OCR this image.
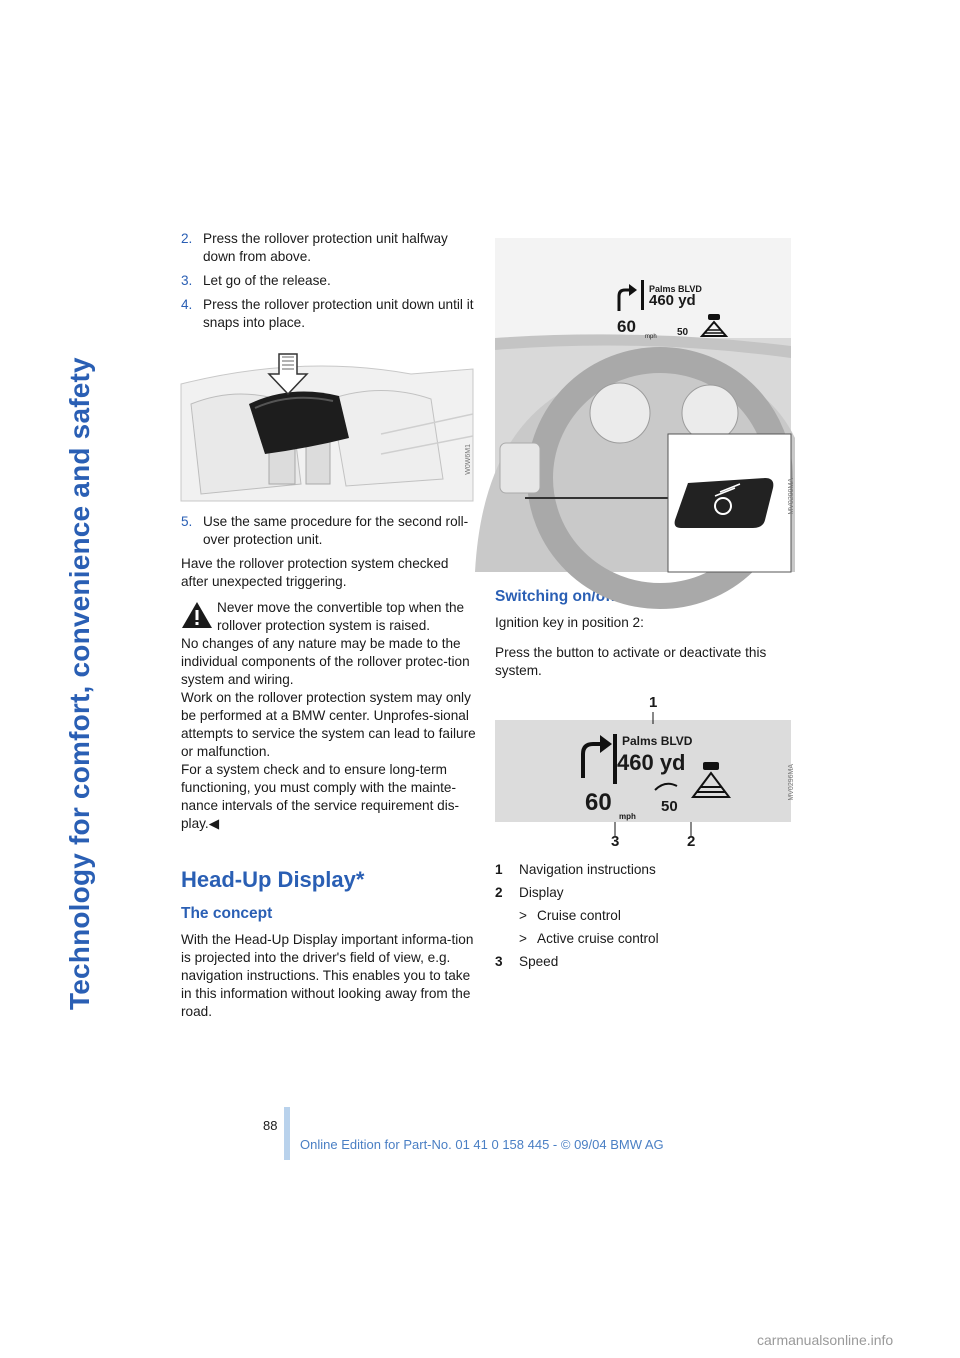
Technology for comfort, convenience and safety
2. Press the rollover protection unit halfway down from above.
3. Let go of the release.
4. Press the rollover protection unit down until it snaps into place.
W0W6M1
5. Use the same procedure for the second roll-over protection unit.

Have the rollover protection system checked after unexpected triggering.

Never move the convertible top when the rollover protection system is raised.

No changes of any nature may be made to the individual components of the rollover protec-tion system and wiring.

Work on the rollover protection system may only be performed at a BMW center. Unprofes-sional attempts to service the system can lead to failure or malfunction.

For a system check and to ensure long-term functioning, you must comply with the mainte-nance intervals of the service requirement dis-play.◀

Head-Up Display*
The concept

With the Head-Up Display important informa-tion is projected into the driver's field of view, e.g. navigation instructions. This enables you to take in this information without looking away from the road.

Palms BLVD
460 yd
60
mph 50
MV0299MA
Switching on/off

Ignition key in position 2:

Press the button to activate or deactivate this system.

1
3	2
Palms BLVD
460 yd
60
mph
50
MV0296MA
1	Navigation instructions
2	Display
> Cruise control
> Active cruise control
3	Speed
88
Online Edition for Part-No. 01 41 0 158 445 - © 09/04 BMW AG
carmanualsonline.info
